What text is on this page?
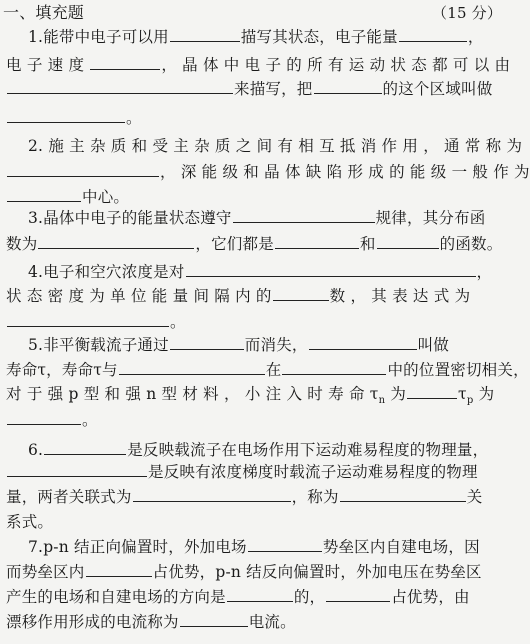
一、填充题	（15 分）
1.能带中电子可以用	描写其状态，电子能量	，
电 子 速 度	， 晶 体 中 电 子 的 所 有 运 动 状 态 都 可 以 由
来描写，把	的这个区域叫做
。
2. 施 主 杂 质 和 受 主 杂 质 之 间 有 相 互 抵 消 作 用 ， 通 常 称 为
， 深 能 级 和 晶 体 缺 陷 形 成 的 能 级 一 般 作 为
中心。
3.晶体中电子的能量状态遵守	规律，其分布函
数为	，它们都是	和	的函数。
4.电子和空穴浓度是对	，
状 态 密 度 为 单 位 能 量 间 隔 内 的	数 ， 其 表 达 式 为
。
5.非平衡载流子通过	而消失，	叫做
寿命τ，寿命τ与	在	中的位置密切相关，
对 于 强 p 型 和 强 n 型 材 料 ， 小 注 入 时 寿 命 $\tau_n$ 为	$\tau_p$ 为
。
6.	是反映载流子在电场作用下运动难易程度的物理量，
是反映有浓度梯度时载流子运动难易程度的物理
量，两者关联式为	，称为	关
系式。
7.p-n 结正向偏置时，外加电场	势垒区内自建电场，因
而势垒区内	占优势，p-n 结反向偏置时，外加电压在势垒区
产生的电场和自建电场的方向是	的，	占优势，由
漂移作用形成的电流称为	电流。
